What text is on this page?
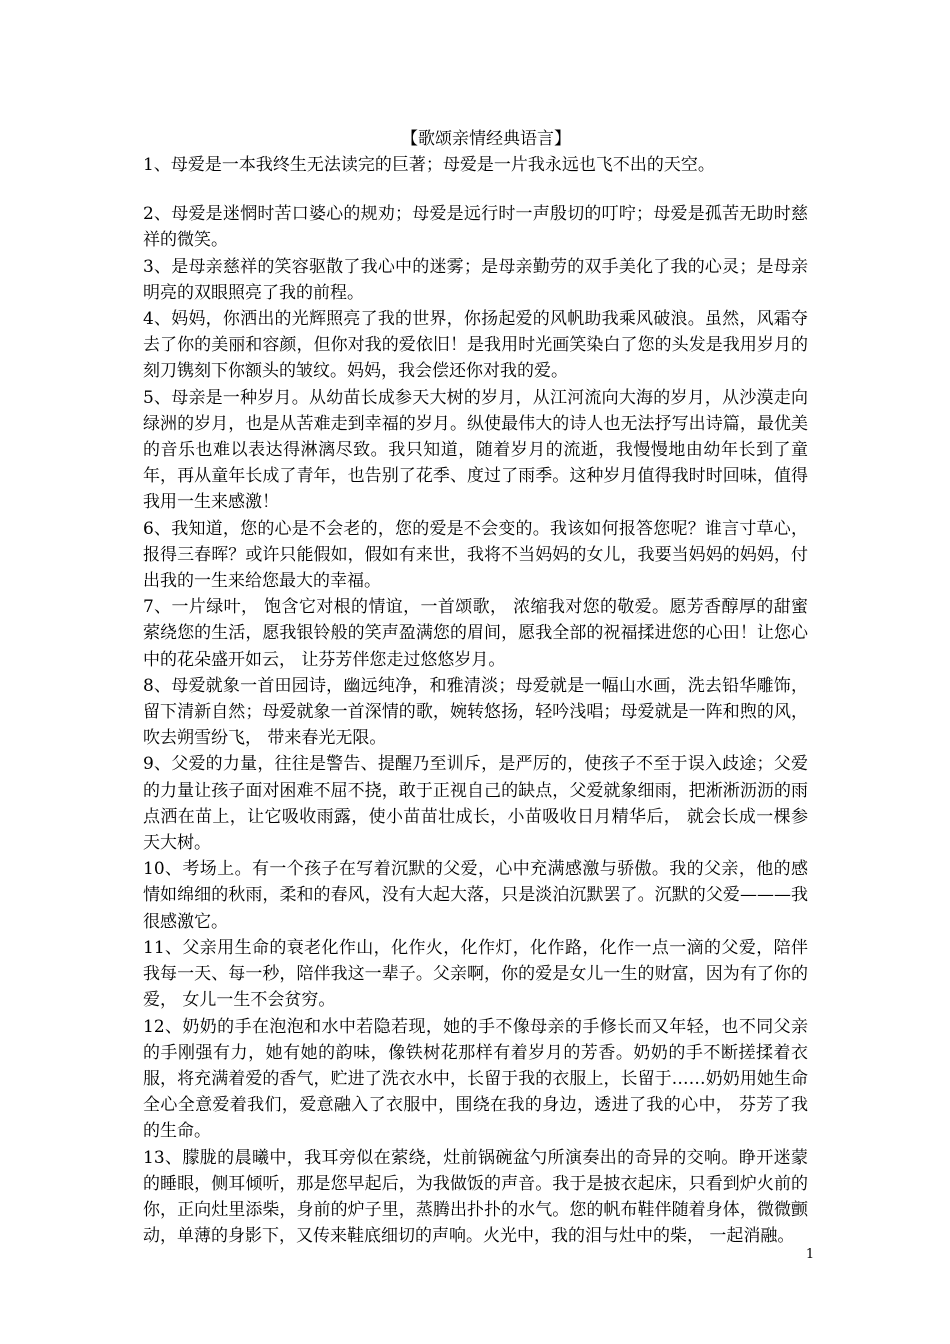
【歌颂亲情经典语言】

1、母爱是一本我终生无法读完的巨著；母爱是一片我永远也飞不出的天空。

2、母爱是迷惘时苦口婆心的规劝；母爱是远行时一声殷切的叮咛；母爱是孤苦无助时慈祥的微笑。

3、是母亲慈祥的笑容驱散了我心中的迷雾；是母亲勤劳的双手美化了我的心灵；是母亲明亮的双眼照亮了我的前程。

4、妈妈，你洒出的光辉照亮了我的世界，你扬起爱的风帆助我乘风破浪。虽然，风霜夺去了你的美丽和容颜，但你对我的爱依旧！是我用时光画笑染白了您的头发是我用岁月的刻刀镌刻下你额头的皱纹。妈妈，我会偿还你对我的爱。

5、母亲是一种岁月。从幼苗长成参天大树的岁月，从江河流向大海的岁月，从沙漠走向绿洲的岁月，也是从苦难走到幸福的岁月。纵使最伟大的诗人也无法抒写出诗篇，最优美的音乐也难以表达得淋漓尽致。我只知道，随着岁月的流逝，我慢慢地由幼年长到了童年，再从童年长成了青年，也告别了花季、度过了雨季。这种岁月值得我时时回味，值得我用一生来感激！

6、我知道，您的心是不会老的，您的爱是不会变的。我该如何报答您呢？谁言寸草心，报得三春晖？或许只能假如，假如有来世，我将不当妈妈的女儿，我要当妈妈的妈妈，付出我的一生来给您最大的幸福。

7、一片绿叶， 饱含它对根的情谊，一首颂歌， 浓缩我对您的敬爱。愿芳香醇厚的甜蜜萦绕您的生活，愿我银铃般的笑声盈满您的眉间，愿我全部的祝福揉进您的心田！让您心中的花朵盛开如云， 让芬芳伴您走过悠悠岁月。

8、母爱就象一首田园诗，幽远纯净，和雅清淡；母爱就是一幅山水画，洗去铅华雕饰，留下清新自然；母爱就象一首深情的歌，婉转悠扬，轻吟浅唱；母爱就是一阵和煦的风， 吹去朔雪纷飞， 带来春光无限。

9、父爱的力量，往往是警告、提醒乃至训斥，是严厉的，使孩子不至于误入歧途；父爱的力量让孩子面对困难不屈不挠，敢于正视自己的缺点，父爱就象细雨，把淅淅沥沥的雨点洒在苗上，让它吸收雨露，使小苗苗壮成长，小苗吸收日月精华后， 就会长成一棵参天大树。

10、考场上。有一个孩子在写着沉默的父爱，心中充满感激与骄傲。我的父亲，他的感情如绵细的秋雨，柔和的春风，没有大起大落，只是淡泊沉默罢了。沉默的父爱———我很感激它。

11、父亲用生命的衰老化作山，化作火，化作灯，化作路，化作一点一滴的父爱，陪伴我每一天、每一秒，陪伴我这一辈子。父亲啊，你的爱是女儿一生的财富，因为有了你的爱， 女儿一生不会贫穷。

12、奶奶的手在泡泡和水中若隐若现，她的手不像母亲的手修长而又年轻，也不同父亲的手刚强有力，她有她的韵味，像铁树花那样有着岁月的芳香。奶奶的手不断搓揉着衣服，将充满着爱的香气，贮进了洗衣水中，长留于我的衣服上，长留于……奶奶用她生命全心全意爱着我们，爱意融入了衣服中，围绕在我的身边，透进了我的心中， 芬芳了我的生命。

13、朦胧的晨曦中，我耳旁似在萦绕，灶前锅碗盆勺所演奏出的奇异的交响。睁开迷蒙的睡眼，侧耳倾听，那是您早起后，为我做饭的声音。我于是披衣起床，只看到炉火前的你，正向灶里添柴，身前的炉子里，蒸腾出扑扑的水气。您的帆布鞋伴随着身体，微微颤动，单薄的身影下，又传来鞋底细切的声响。火光中，我的泪与灶中的柴， 一起消融。

1
